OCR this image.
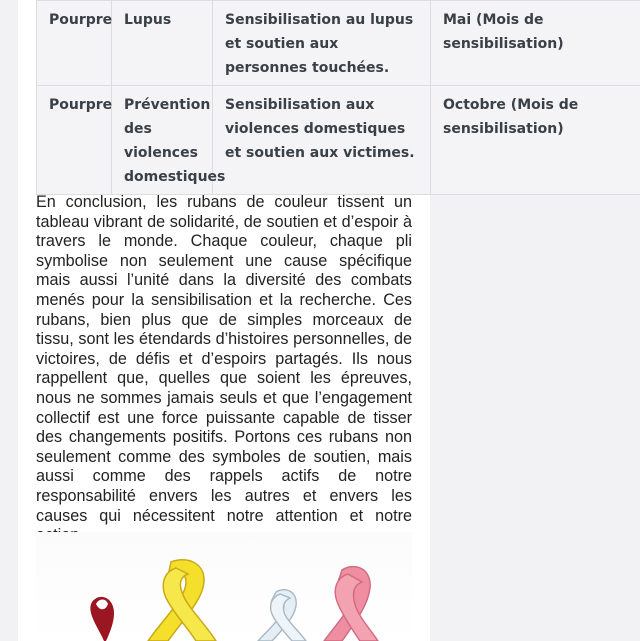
Pourpre	Lupus	Sensibilisation au lupus et soutien aux personnes touchées.	Mai (Mois de sensibilisation)
Pourpre	Prévention des violences domestiques	Sensibilisation aux violences domestiques et soutien aux victimes.	Octobre (Mois de sensibilisation)

En conclusion, les rubans de couleur tissent un tableau vibrant de solidarité, de soutien et d’espoir à travers le monde. Chaque couleur, chaque pli symbolise non seulement une cause spécifique mais aussi l’unité dans la diversité des combats menés pour la sensibilisation et la recherche. Ces rubans, bien plus que de simples morceaux de tissu, sont les étendards d’histoires personnelles, de victoires, de défis et d’espoirs partagés. Ils nous rappellent que, quelles que soient les épreuves, nous ne sommes jamais seuls et que l’engagement collectif est une force puissante capable de tisser des changements positifs. Portons ces rubans non seulement comme des symboles de soutien, mais aussi comme des rappels actifs de notre responsabilité envers les autres et envers les causes qui nécessitent notre attention et notre
